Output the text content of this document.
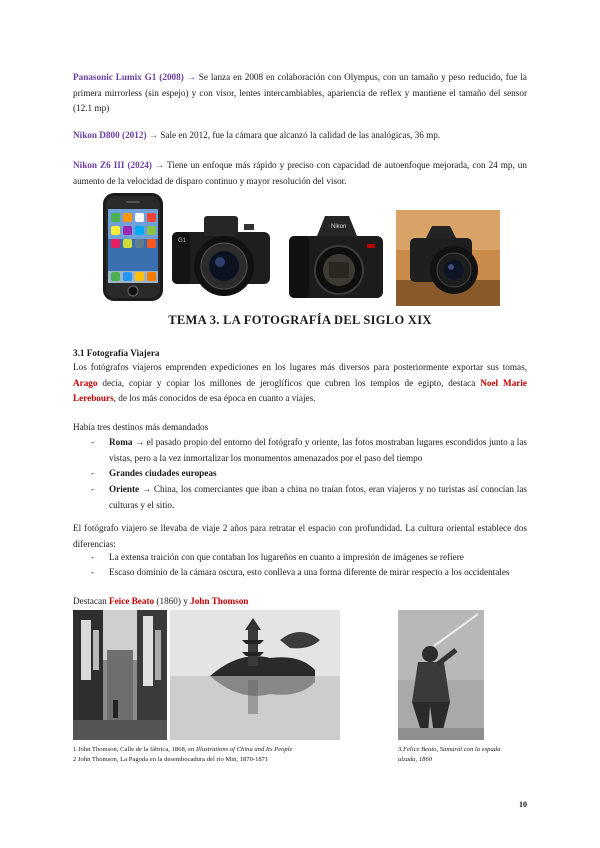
Panasonic Lumix G1 (2008) → Se lanza en 2008 en colaboración con Olympus, con un tamaño y peso reducido, fue la primera mirrorless (sin espejo) y con visor, lentes intercambiables, apariencia de reflex y mantiene el tamaño del sensor (12.1 mp)
Nikon D800 (2012) → Sale en 2012, fue la cámara que alcanzó la calidad de las analógicas, 36 mp.
Nikon Z6 III (2024) → Tiene un enfoque más rápido y preciso con capacidad de autoenfoque mejorada, con 24 mp, un aumento de la velocidad de disparo continuo y mayor resolución del visor.
G1
Nikon
TEMA 3. LA FOTOGRAFÍA DEL SIGLO XIX
3.1 Fotografía Viajera
Los fotógrafos viajeros emprenden expediciones en los lugares más diversos para posteriormente exportar sus tomas, Arago decía, copiar y copiar los millones de jeroglíficos que cubren los templos de egipto, destaca Noel Marie Lerebours, de los más conocidos de esa época en cuanto a viajes.
Había tres destinos más demandados
- Roma → el pasado propio del entorno del fotógrafo y oriente, las fotos mostraban lugares escondidos junto a las vistas, pero a la vez inmortalizar los monumentos amenazados por el paso del tiempo
- Grandes ciudades europeas
- Oriente → China, los comerciantes que iban a china no traían fotos, eran viajeros y no turistas así conocían las culturas y el sitio.
El fotógrafo viajero se llevaba de viaje 2 años para retratar el espacio con profundidad. La cultura oriental establece dos diferencias:
- La extensa traición con que contaban los lugareños en cuanto a impresión de imágenes se refiere
- Escaso dominio de la cámara oscura, esto conlleva a una forma diferente de mirar respecto a los occidentales
Destacan Feice Beato (1860) y John Thomson
1 John Thomson, Calle de la fábrica, 1868, en Illustrations of China and Its People
2 John Thomson, La Pagoda en la desembocadura del río Min, 1870-1871
3.Felice Beato, Samurái con la espada alzada, 1860
10
